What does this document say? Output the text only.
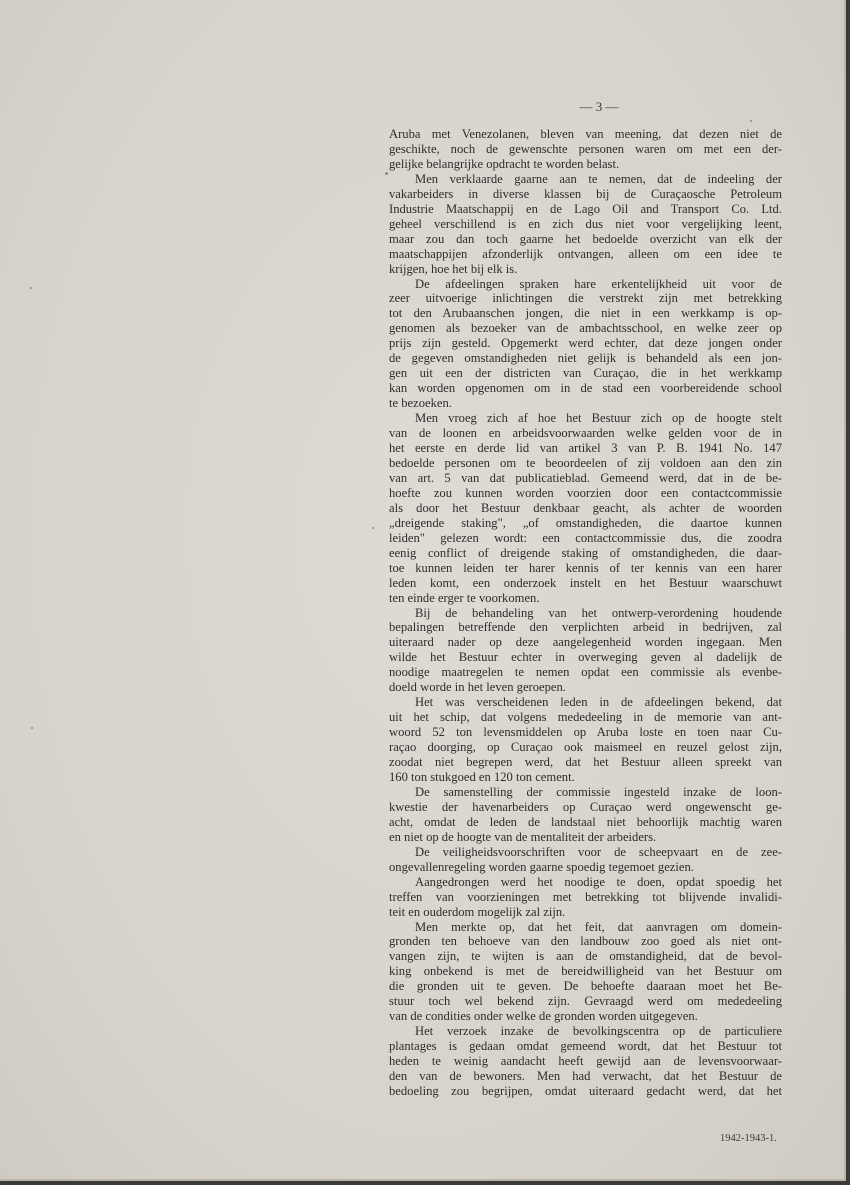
— 3 —
Aruba met Venezolanen, bleven van meening, dat dezen niet de
geschikte, noch de gewenschte personen waren om met een der-
gelijke belangrijke opdracht te worden belast.
Men verklaarde gaarne aan te nemen, dat de indeeling der
vakarbeiders in diverse klassen bij de Curaçaosche Petroleum
Industrie Maatschappij en de Lago Oil and Transport Co. Ltd.
geheel verschillend is en zich dus niet voor vergelijking leent,
maar zou dan toch gaarne het bedoelde overzicht van elk der
maatschappijen afzonderlijk ontvangen, alleen om een idee te
krijgen, hoe het bij elk is.
De afdeelingen spraken hare erkentelijkheid uit voor de
zeer uitvoerige inlichtingen die verstrekt zijn met betrekking
tot den Arubaanschen jongen, die niet in een werkkamp is op-
genomen als bezoeker van de ambachtsschool, en welke zeer op
prijs zijn gesteld. Opgemerkt werd echter, dat deze jongen onder
de gegeven omstandigheden niet gelijk is behandeld als een jon-
gen uit een der districten van Curaçao, die in het werkkamp
kan worden opgenomen om in de stad een voorbereidende school
te bezoeken.
Men vroeg zich af hoe het Bestuur zich op de hoogte stelt
van de loonen en arbeidsvoorwaarden welke gelden voor de in
het eerste en derde lid van artikel 3 van P. B. 1941 No. 147
bedoelde personen om te beoordeelen of zij voldoen aan den zin
van art. 5 van dat publicatieblad. Gemeend werd, dat in de be-
hoefte zou kunnen worden voorzien door een contactcommissie
als door het Bestuur denkbaar geacht, als achter de woorden
„dreigende staking", „of omstandigheden, die daartoe kunnen
leiden" gelezen wordt: een contactcommissie dus, die zoodra
eenig conflict of dreigende staking of omstandigheden, die daar-
toe kunnen leiden ter harer kennis of ter kennis van een harer
leden komt, een onderzoek instelt en het Bestuur waarschuwt
ten einde erger te voorkomen.
Bij de behandeling van het ontwerp-verordening houdende
bepalingen betreffende den verplichten arbeid in bedrijven, zal
uiteraard nader op deze aangelegenheid worden ingegaan. Men
wilde het Bestuur echter in overweging geven al dadelijk de
noodige maatregelen te nemen opdat een commissie als evenbe-
doeld worde in het leven geroepen.
Het was verscheidenen leden in de afdeelingen bekend, dat
uit het schip, dat volgens mededeeling in de memorie van ant-
woord 52 ton levensmiddelen op Aruba loste en toen naar Cu-
raçao doorging, op Curaçao ook maismeel en reuzel gelost zijn,
zoodat niet begrepen werd, dat het Bestuur alleen spreekt van
160 ton stukgoed en 120 ton cement.
De samenstelling der commissie ingesteld inzake de loon-
kwestie der havenarbeiders op Curaçao werd ongewenscht ge-
acht, omdat de leden de landstaal niet behoorlijk machtig waren
en niet op de hoogte van de mentaliteit der arbeiders.
De veiligheidsvoorschriften voor de scheepvaart en de zee-
ongevallenregeling worden gaarne spoedig tegemoet gezien.
Aangedrongen werd het noodige te doen, opdat spoedig het
treffen van voorzieningen met betrekking tot blijvende invalidi-
teit en ouderdom mogelijk zal zijn.
Men merkte op, dat het feit, dat aanvragen om domein-
gronden ten behoeve van den landbouw zoo goed als niet ont-
vangen zijn, te wijten is aan de omstandigheid, dat de bevol-
king onbekend is met de bereidwilligheid van het Bestuur om
die gronden uit te geven. De behoefte daaraan moet het Be-
stuur toch wel bekend zijn. Gevraagd werd om mededeeling
van de condities onder welke de gronden worden uitgegeven.
Het verzoek inzake de bevolkingscentra op de particuliere
plantages is gedaan omdat gemeend wordt, dat het Bestuur tot
heden te weinig aandacht heeft gewijd aan de levensvoorwaar-
den van de bewoners. Men had verwacht, dat het Bestuur de
bedoeling zou begrijpen, omdat uiteraard gedacht werd, dat het
1942-1943-1.
